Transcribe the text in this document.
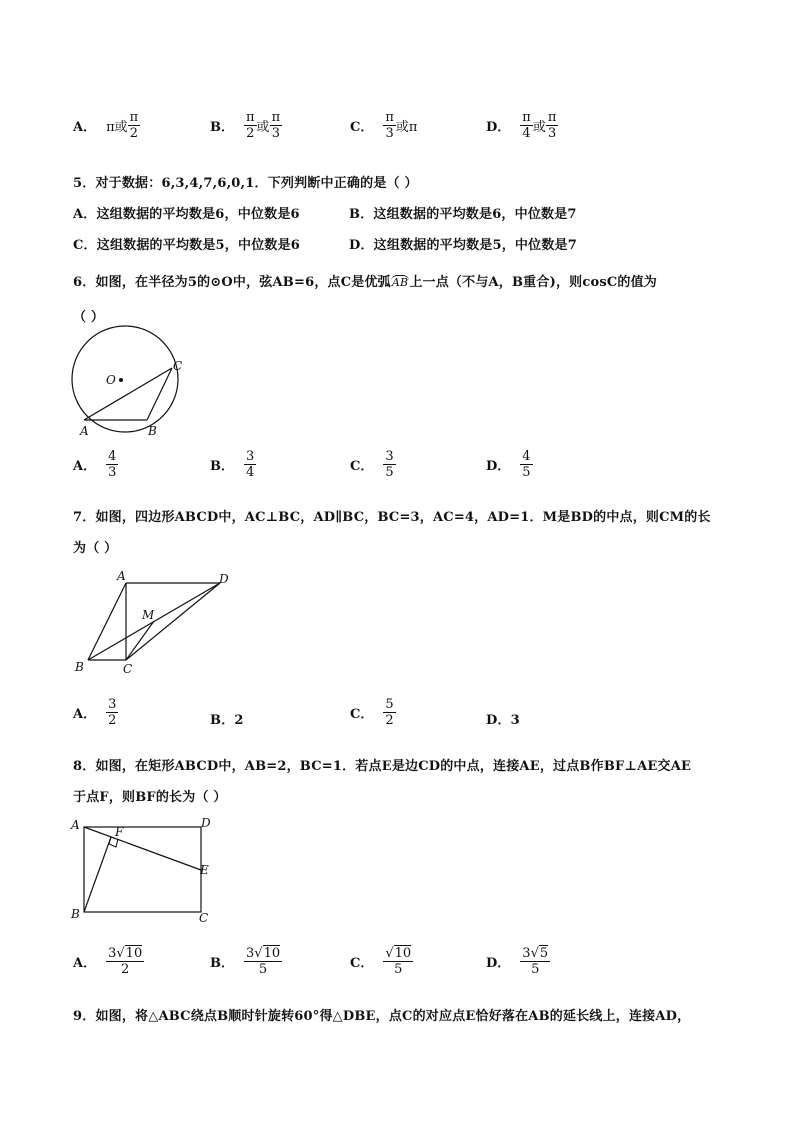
A． π或 $\frac{\pi}{2}$	B． $\frac{\pi}{2}$ 或 $\frac{\pi}{3}$	C． $\frac{\pi}{3}$ 或π	D． $\frac{\pi}{4}$ 或 $\frac{\pi}{3}$
5．对于数据：6,3,4,7,6,0,1．下列判断中正确的是（ ）
A．这组数据的平均数是6，中位数是6	B．这组数据的平均数是6，中位数是7
C．这组数据的平均数是5，中位数是6	D．这组数据的平均数是5，中位数是7
6．如图，在半径为5的⊙O中，弦AB=6，点C是优弧AB上一点（不与A，B重合)，则cosC的值为
（ ）
O
A	B
C
A． $\frac{4}{3}$	B． $\frac{3}{4}$	C． $\frac{3}{5}$	D． $\frac{4}{5}$
7．如图，四边形ABCD中，AC⊥BC，AD∥BC，BC=3，AC=4，AD=1．M是BD的中点，则CM的长
为（ ）
A	D
M
B	C
A． $\frac{3}{2}$	B．2	C． $\frac{5}{2}$	D．3
8．如图，在矩形ABCD中，AB=2，BC=1．若点E是边CD的中点，连接AE，过点B作BF⊥AE交AE
于点F，则BF的长为（ ）
A	F
D
E
B	C
A． $\frac{3√10}{2}$	B． $\frac{3√10}{5}$	C． $\frac{√10}{5}$	D． $\frac{3√5}{5}$
9．如图，将△ABC绕点B顺时针旋转60°得△DBE，点C的对应点E恰好落在AB的延长线上，连接AD，
